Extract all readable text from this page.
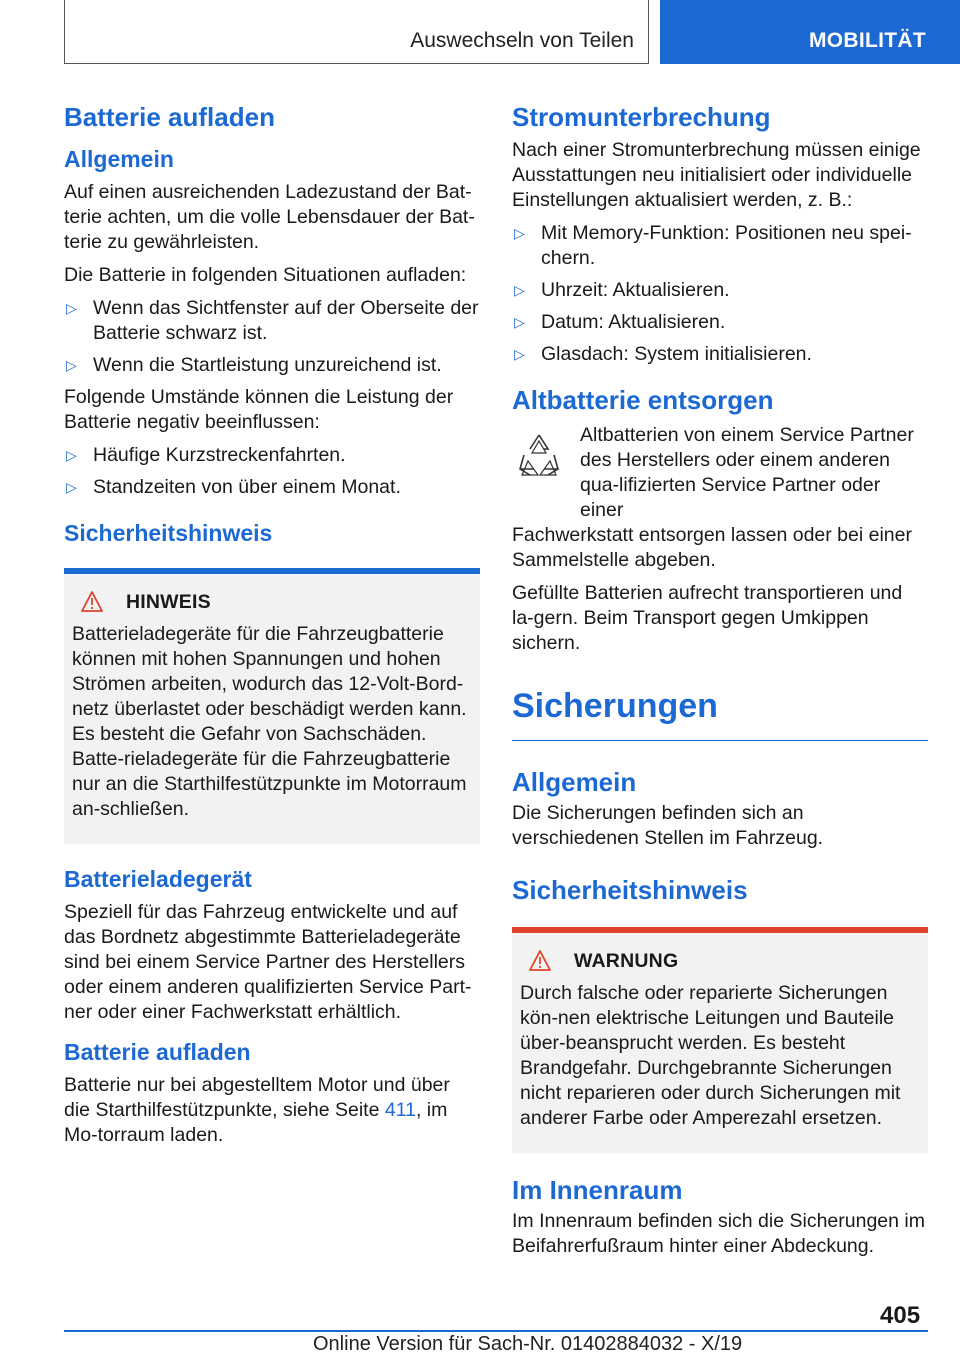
Auswechseln von Teilen	MOBILITÄT
Batterie aufladen
Allgemein

Auf einen ausreichenden Ladezustand der Bat-terie achten, um die volle Lebensdauer der Bat-terie zu gewährleisten.

Die Batterie in folgenden Situationen aufladen:

▷ Wenn das Sichtfenster auf der Oberseite der Batterie schwarz ist.
▷ Wenn die Startleistung unzureichend ist.

Folgende Umstände können die Leistung der Batterie negativ beeinflussen:

▷ Häufige Kurzstreckenfahrten.
▷ Standzeiten von über einem Monat.
Sicherheitshinweis
HINWEIS

Batterieladegeräte für die Fahrzeugbatterie können mit hohen Spannungen und hohen Strömen arbeiten, wodurch das 12-Volt-Bord-netz überlastet oder beschädigt werden kann. Es besteht die Gefahr von Sachschäden. Batte-rieladegeräte für die Fahrzeugbatterie nur an die Starthilfestützpunkte im Motorraum an-schließen.

Batterieladegerät

Speziell für das Fahrzeug entwickelte und auf das Bordnetz abgestimmte Batterieladegeräte sind bei einem Service Partner des Herstellers oder einem anderen qualifizierten Service Part-ner oder einer Fachwerkstatt erhältlich.

Batterie aufladen

Batterie nur bei abgestelltem Motor und über die Starthilfestützpunkte, siehe Seite 411, im Mo-torraum laden.

Stromunterbrechung

Nach einer Stromunterbrechung müssen einige Ausstattungen neu initialisiert oder individuelle Einstellungen aktualisiert werden, z. B.:

▷ Mit Memory-Funktion: Positionen neu spei-chern.
▷ Uhrzeit: Aktualisieren.
▷ Datum: Aktualisieren.
▷ Glasdach: System initialisieren.
Altbatterie entsorgen

Altbatterien von einem Service Partner des Herstellers oder einem anderen qua-lifizierten Service Partner oder einer

Fachwerkstatt entsorgen lassen oder bei einer Sammelstelle abgeben.

Gefüllte Batterien aufrecht transportieren und la-gern. Beim Transport gegen Umkippen sichern.

Sicherungen
Allgemein

Die Sicherungen befinden sich an verschiedenen Stellen im Fahrzeug.

Sicherheitshinweis
WARNUNG

Durch falsche oder reparierte Sicherungen kön-nen elektrische Leitungen und Bauteile über-beansprucht werden. Es besteht Brandgefahr. Durchgebrannte Sicherungen nicht reparieren oder durch Sicherungen mit anderer Farbe oder Amperezahl ersetzen.

Im Innenraum

Im Innenraum befinden sich die Sicherungen im Beifahrerfußraum hinter einer Abdeckung.

405
Online Version für Sach-Nr. 01402884032 - X/19
